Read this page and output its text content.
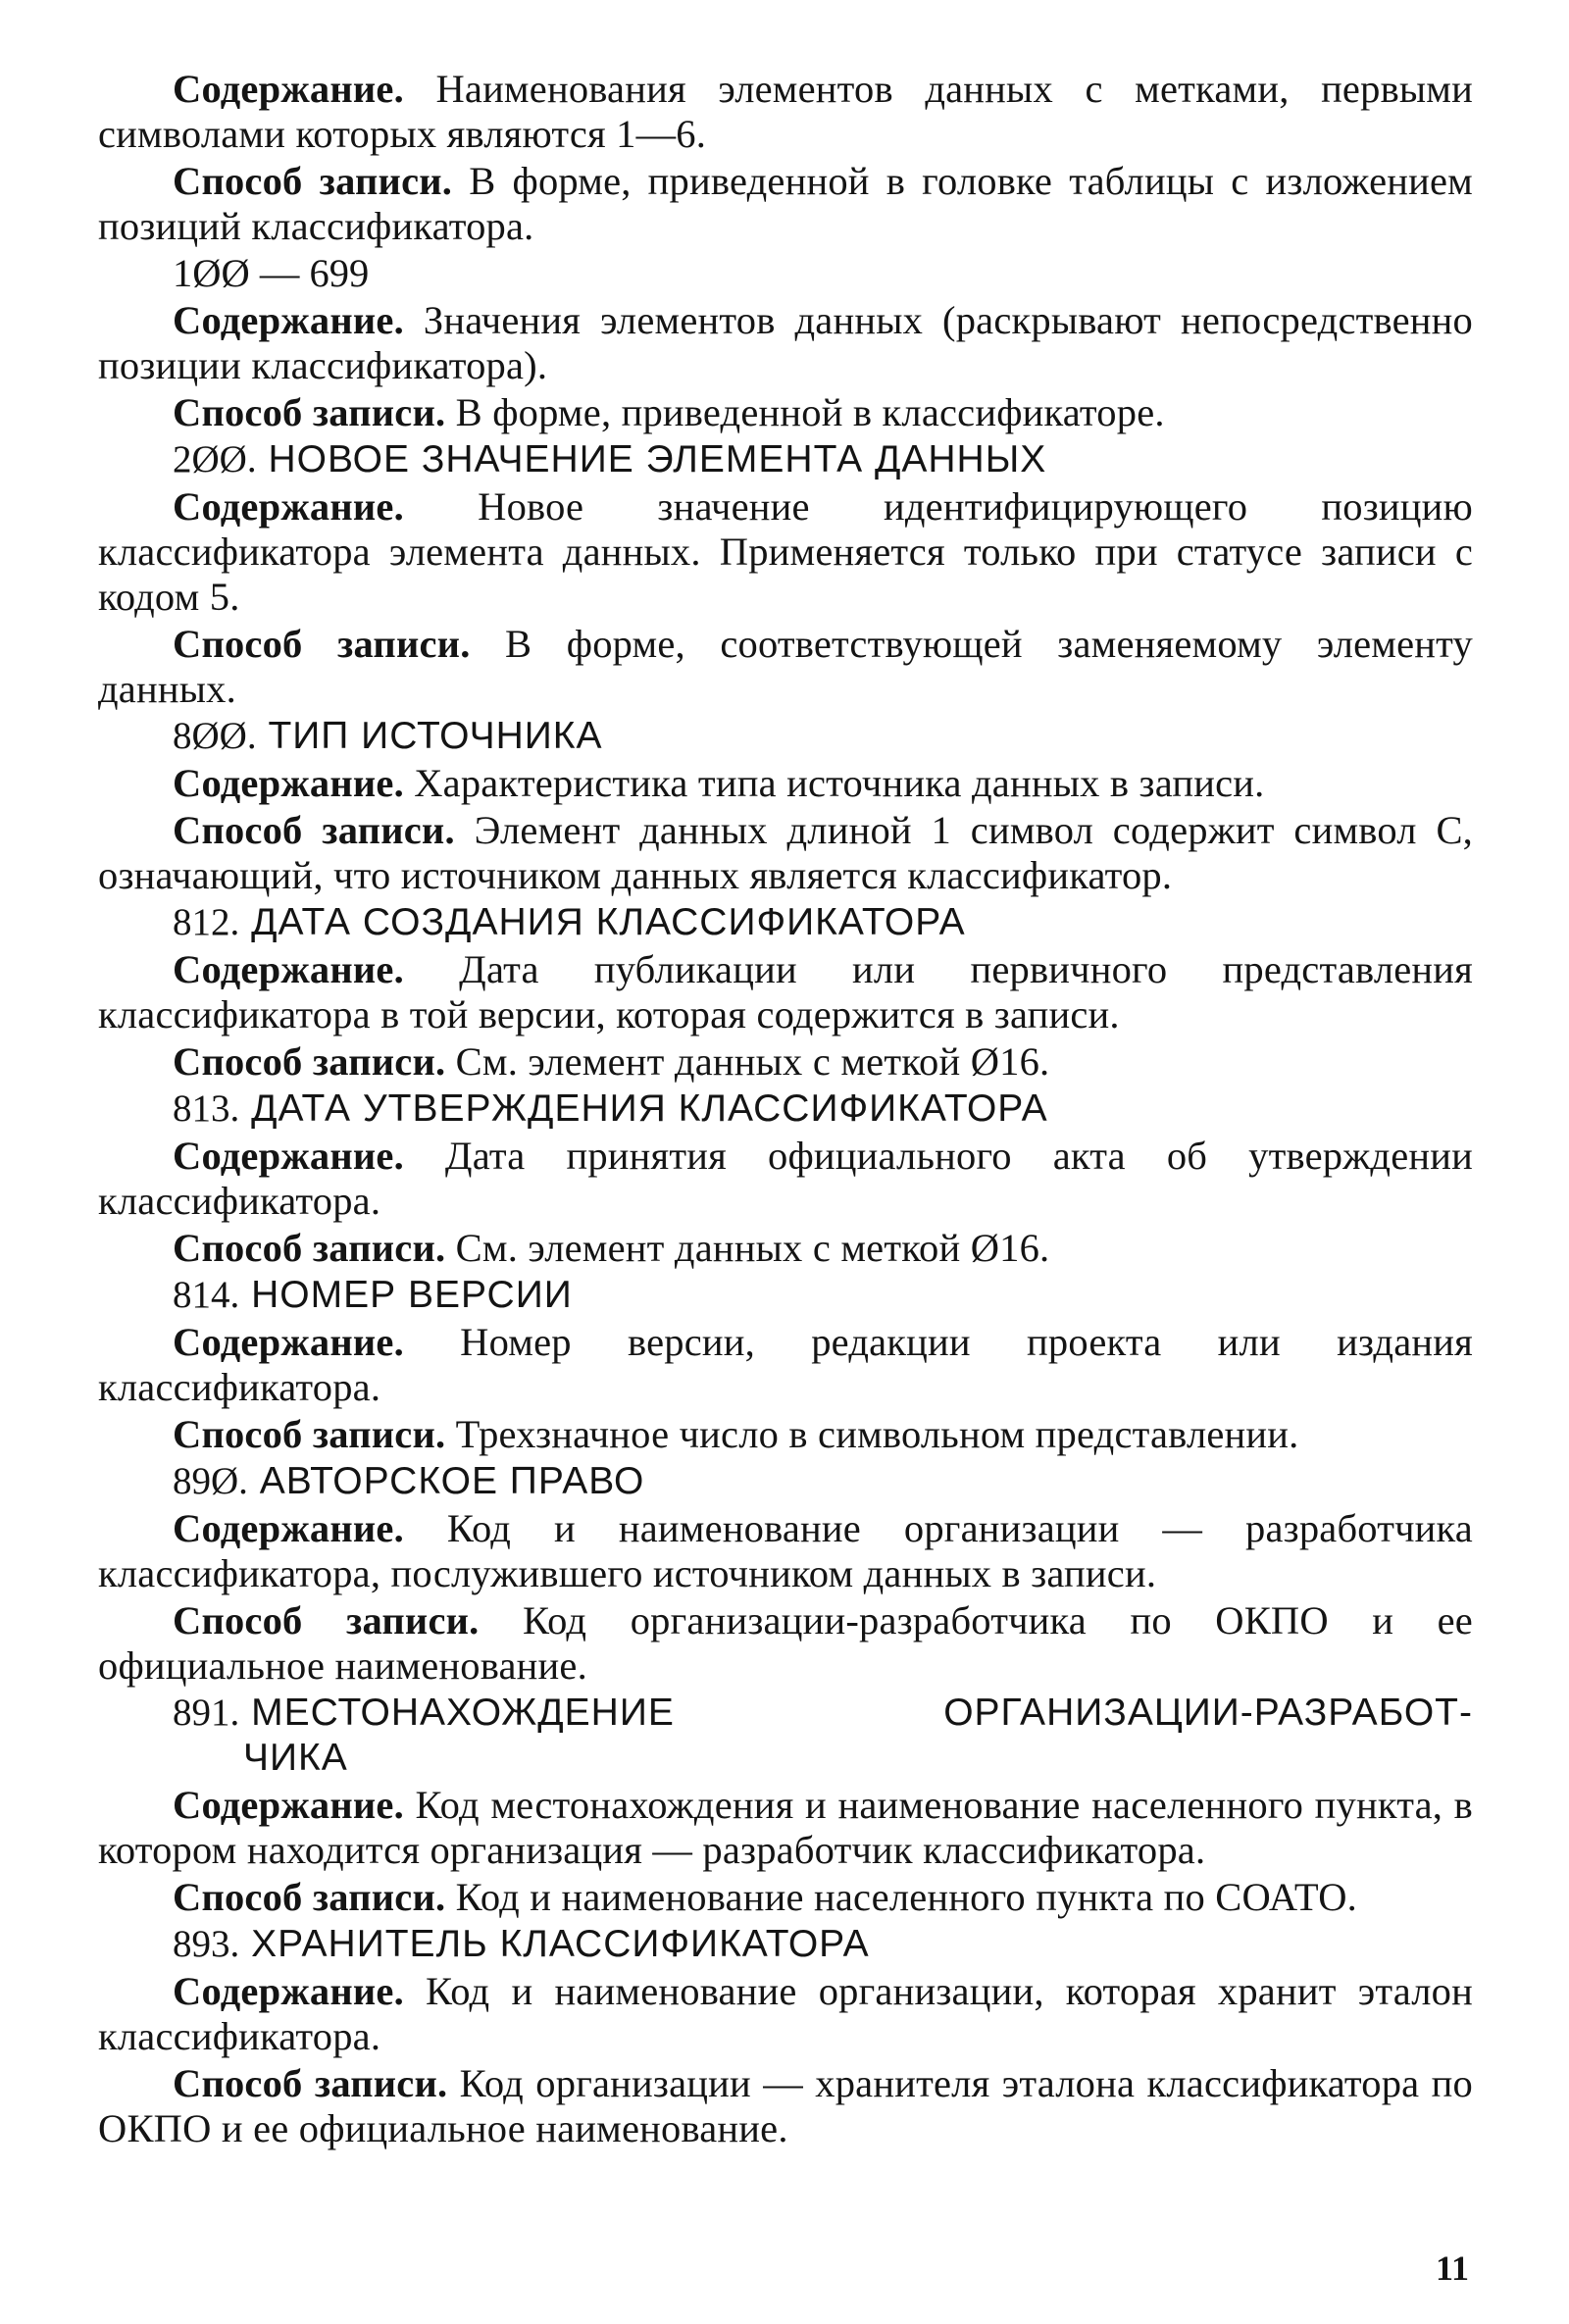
Содержание. Наименования элементов данных с метками, первыми символами которых являются 1—6.

Способ записи. В форме, приведенной в головке таблицы с изложением позиций классификатора.

1ØØ — 699

Содержание. Значения элементов данных (раскрывают непосредственно позиции классификатора).

Способ записи. В форме, приведенной в классификаторе.

2ØØ. НОВОЕ ЗНАЧЕНИЕ ЭЛЕМЕНТА ДАННЫХ

Содержание. Новое значение идентифицирующего позицию классификатора элемента данных. Применяется только при статусе записи с кодом 5.

Способ записи. В форме, соответствующей заменяемому элементу данных.

8ØØ. ТИП ИСТОЧНИКА

Содержание. Характеристика типа источника данных в записи.

Способ записи. Элемент данных длиной 1 символ содержит символ С, означающий, что источником данных является классификатор.

812. ДАТА СОЗДАНИЯ КЛАССИФИКАТОРА

Содержание. Дата публикации или первичного представления классификатора в той версии, которая содержится в записи.

Способ записи. См. элемент данных с меткой Ø16.

813. ДАТА УТВЕРЖДЕНИЯ КЛАССИФИКАТОРА

Содержание. Дата принятия официального акта об утверждении классификатора.

Способ записи. См. элемент данных с меткой Ø16.

814. НОМЕР ВЕРСИИ

Содержание. Номер версии, редакции проекта или издания классификатора.

Способ записи. Трехзначное число в символьном представлении.

89Ø. АВТОРСКОЕ ПРАВО

Содержание. Код и наименование организации — разработчика классификатора, послужившего источником данных в записи.

Способ записи. Код организации-разработчика по ОКПО и ее официальное наименование.

891. МЕСТОНАХОЖДЕНИЕ	ОРГАНИЗАЦИИ-РАЗРАБОТ-

ЧИКА

Содержание. Код местонахождения и наименование населенного пункта, в котором находится организация — разработчик классификатора.

Способ записи. Код и наименование населенного пункта по СОАТО.

893. ХРАНИТЕЛЬ КЛАССИФИКАТОРА

Содержание. Код и наименование организации, которая хранит эталон классификатора.

Способ записи. Код организации — хранителя эталона классификатора по ОКПО и ее официальное наименование.

11
